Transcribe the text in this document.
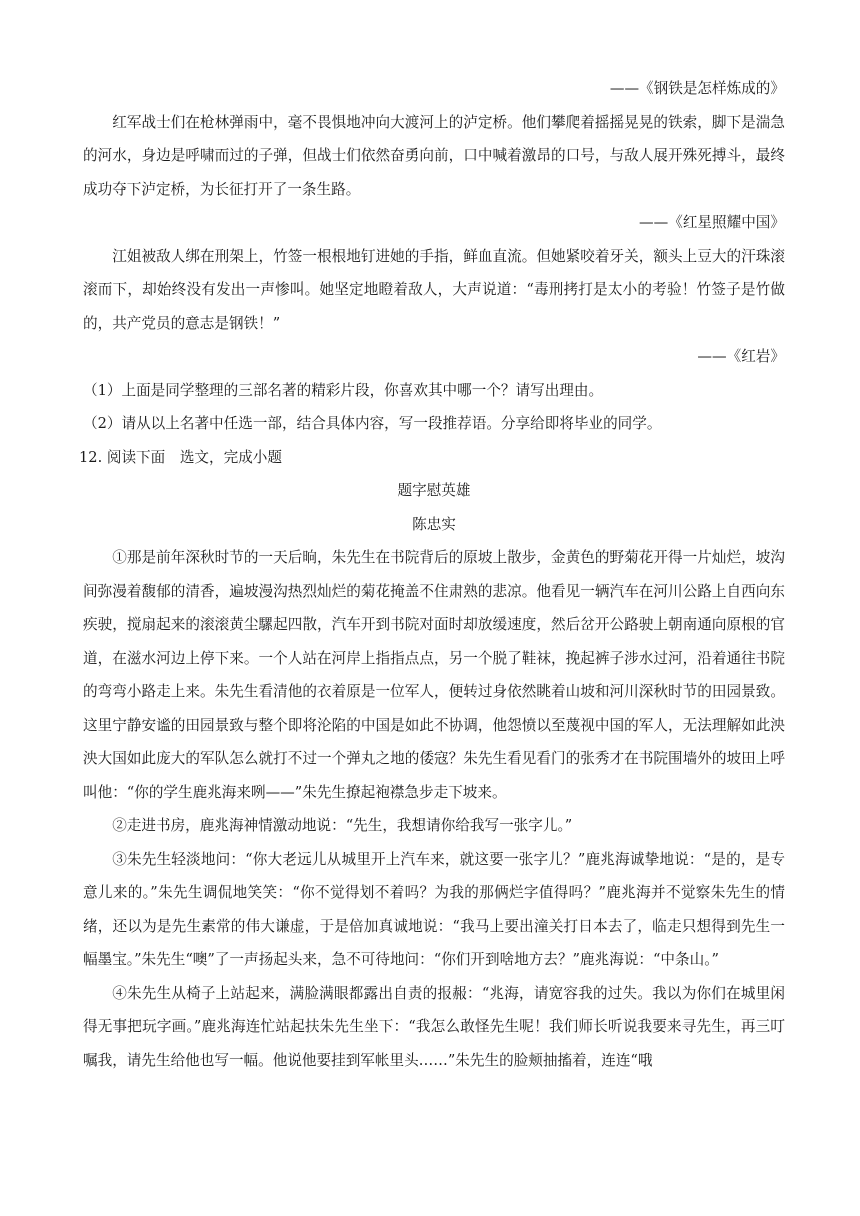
——《钢铁是怎样炼成的》

红军战士们在枪林弹雨中，毫不畏惧地冲向大渡河上的泸定桥。他们攀爬着摇摇晃晃的铁索，脚下是湍急的河水，身边是呼啸而过的子弹，但战士们依然奋勇向前，口中喊着激昂的口号，与敌人展开殊死搏斗，最终成功夺下泸定桥，为长征打开了一条生路。

——《红星照耀中国》

江姐被敌人绑在刑架上，竹签一根根地钉进她的手指，鲜血直流。但她紧咬着牙关，额头上豆大的汗珠滚滚而下，却始终没有发出一声惨叫。她坚定地瞪着敌人，大声说道：“毒刑拷打是太小的考验！竹签子是竹做的，共产党员的意志是钢铁！”

——《红岩》

（1）上面是同学整理的三部名著的精彩片段，你喜欢其中哪一个？请写出理由。

（2）请从以上名著中任选一部，结合具体内容，写一段推荐语。分享给即将毕业的同学。

12. 阅读下面　选文，完成小题

题字慰英雄

陈忠实

①那是前年深秋时节的一天后晌，朱先生在书院背后的原坡上散步，金黄色的野菊花开得一片灿烂，坡沟间弥漫着馥郁的清香，遍坡漫沟热烈灿烂的菊花掩盖不住肃熟的悲凉。他看见一辆汽车在河川公路上自西向东疾驶，搅扇起来的滚滚黄尘騾起四散，汽车开到书院对面时却放缓速度，然后岔开公路驶上朝南通向原根的官道，在滋水河边上停下来。一个人站在河岸上指指点点，另一个脱了鞋袜，挽起裤子涉水过河，沿着通往书院的弯弯小路走上来。朱先生看清他的衣着原是一位军人，便转过身依然眺着山坡和河川深秋时节的田园景致。这里宁静安谧的田园景致与整个即将沦陷的中国是如此不协调，他怨愤以至蔑视中国的军人，无法理解如此泱泱大国如此庞大的军队怎么就打不过一个弹丸之地的倭寇？朱先生看见看门的张秀才在书院围墙外的坡田上呼叫他：“你的学生鹿兆海来咧——”朱先生撩起袍襟急步走下坡来。

②走进书房，鹿兆海神情激动地说：“先生，我想请你给我写一张字儿。”

③朱先生轻淡地问：“你大老远儿从城里开上汽车来，就这要一张字儿？”鹿兆海诚挚地说：“是的，是专意儿来的。”朱先生调侃地笑笑：“你不觉得划不着吗？为我的那俩烂字值得吗？”鹿兆海并不觉察朱先生的情绪，还以为是先生素常的伟大谦虚，于是倍加真诚地说：“我马上要出潼关打日本去了，临走只想得到先生一幅墨宝。”朱先生“噢”了一声扬起头来，急不可待地问：“你们开到啥地方去？”鹿兆海说：“中条山。”

④朱先生从椅子上站起来，满脸满眼都露出自责的报赧：“兆海，请宽容我的过失。我以为你们在城里闲得无事把玩字画。”鹿兆海连忙站起扶朱先生坐下：“我怎么敢怪先生呢！我们师长听说我要来寻先生，再三叮嘱我，请先生给他也写一幅。他说他要挂到军帐里头……”朱先生的脸颊抽搐着，连连“哦
